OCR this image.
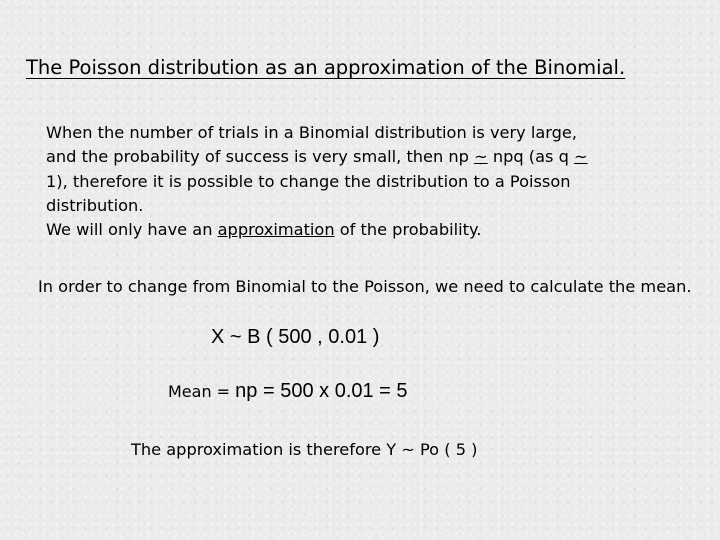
The Poisson distribution as an approximation of the Binomial.

When the number of trials in a Binomial distribution is very large,
and the probability of success is very small, then np ~ npq (as q ~
1), therefore it is possible to change the distribution to a Poisson
distribution.
We will only have an approximation of the probability.

In order to change from Binomial to the Poisson, we need to calculate the mean.
X ~ B ( 500 , 0.01 )
Mean = np = 500 x 0.01 = 5
The approximation is therefore Y ~ Po ( 5 )
